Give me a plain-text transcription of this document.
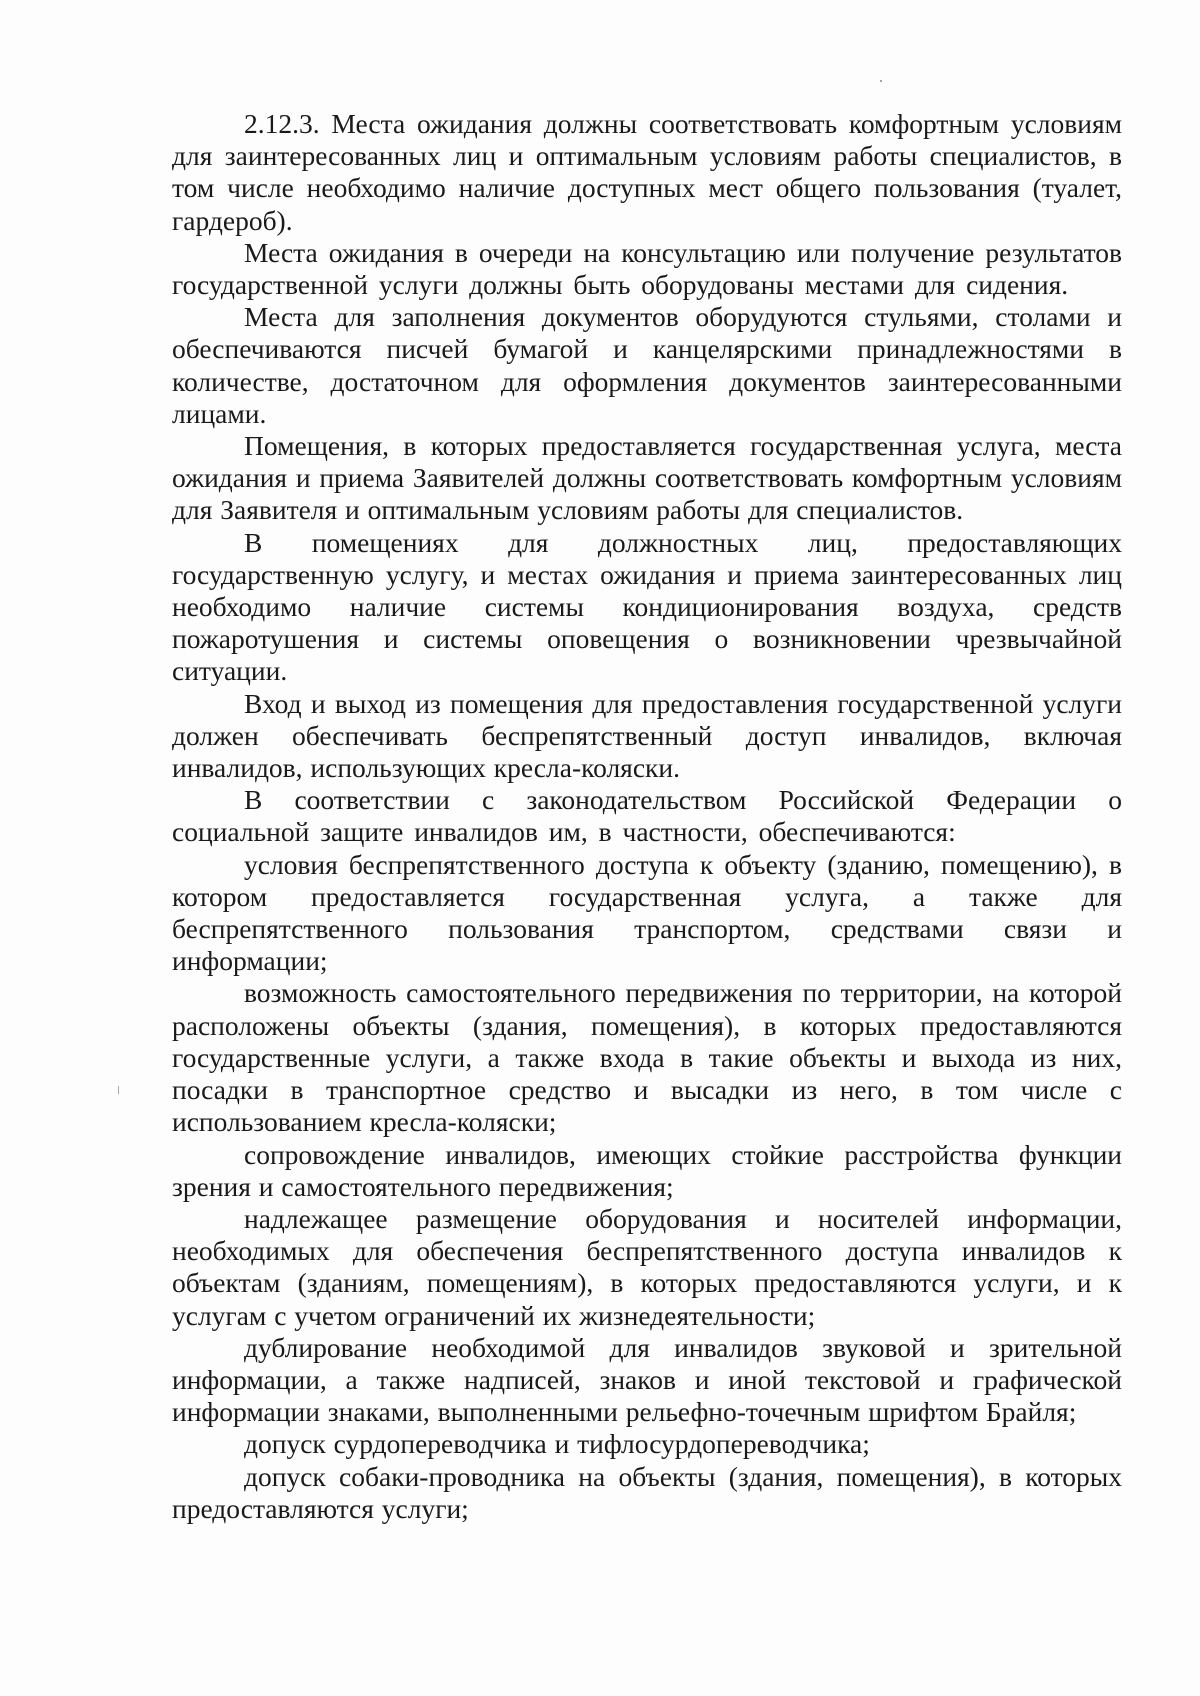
2.12.3. Места ожидания должны соответствовать комфортным условиям для заинтересованных лиц и оптимальным условиям работы специалистов, в том числе необходимо наличие доступных мест общего пользования (туалет, гардероб).

Места ожидания в очереди на консультацию или получение результатов государственной услуги должны быть оборудованы местами для сидения.

Места для заполнения документов оборудуются стульями, столами и обеспечиваются писчей бумагой и канцелярскими принадлежностями в количестве, достаточном для оформления документов заинтересованными лицами.

Помещения, в которых предоставляется государственная услуга, места ожидания и приема Заявителей должны соответствовать комфортным условиям для Заявителя и оптимальным условиям работы для специалистов.

В помещениях для должностных лиц, предоставляющих государственную услугу, и местах ожидания и приема заинтересованных лиц необходимо наличие системы кондиционирования воздуха, средств пожаротушения и системы оповещения о возникновении чрезвычайной ситуации.

Вход и выход из помещения для предоставления государственной услуги должен обеспечивать беспрепятственный доступ инвалидов, включая инвалидов, использующих кресла-коляски.

В соответствии с законодательством Российской Федерации о социальной защите инвалидов им, в частности, обеспечиваются:

условия беспрепятственного доступа к объекту (зданию, помещению), в котором предоставляется государственная услуга, а также для беспрепятственного пользования транспортом, средствами связи и информации;

возможность самостоятельного передвижения по территории, на которой расположены объекты (здания, помещения), в которых предоставляются государственные услуги, а также входа в такие объекты и выхода из них, посадки в транспортное средство и высадки из него, в том числе с использованием кресла-коляски;

сопровождение инвалидов, имеющих стойкие расстройства функции зрения и самостоятельного передвижения;

надлежащее размещение оборудования и носителей информации, необходимых для обеспечения беспрепятственного доступа инвалидов к объектам (зданиям, помещениям), в которых предоставляются услуги, и к услугам с учетом ограничений их жизнедеятельности;

дублирование необходимой для инвалидов звуковой и зрительной информации, а также надписей, знаков и иной текстовой и графической информации знаками, выполненными рельефно-точечным шрифтом Брайля;

допуск сурдопереводчика и тифлосурдопереводчика;

допуск собаки-проводника на объекты (здания, помещения), в которых предоставляются услуги;
